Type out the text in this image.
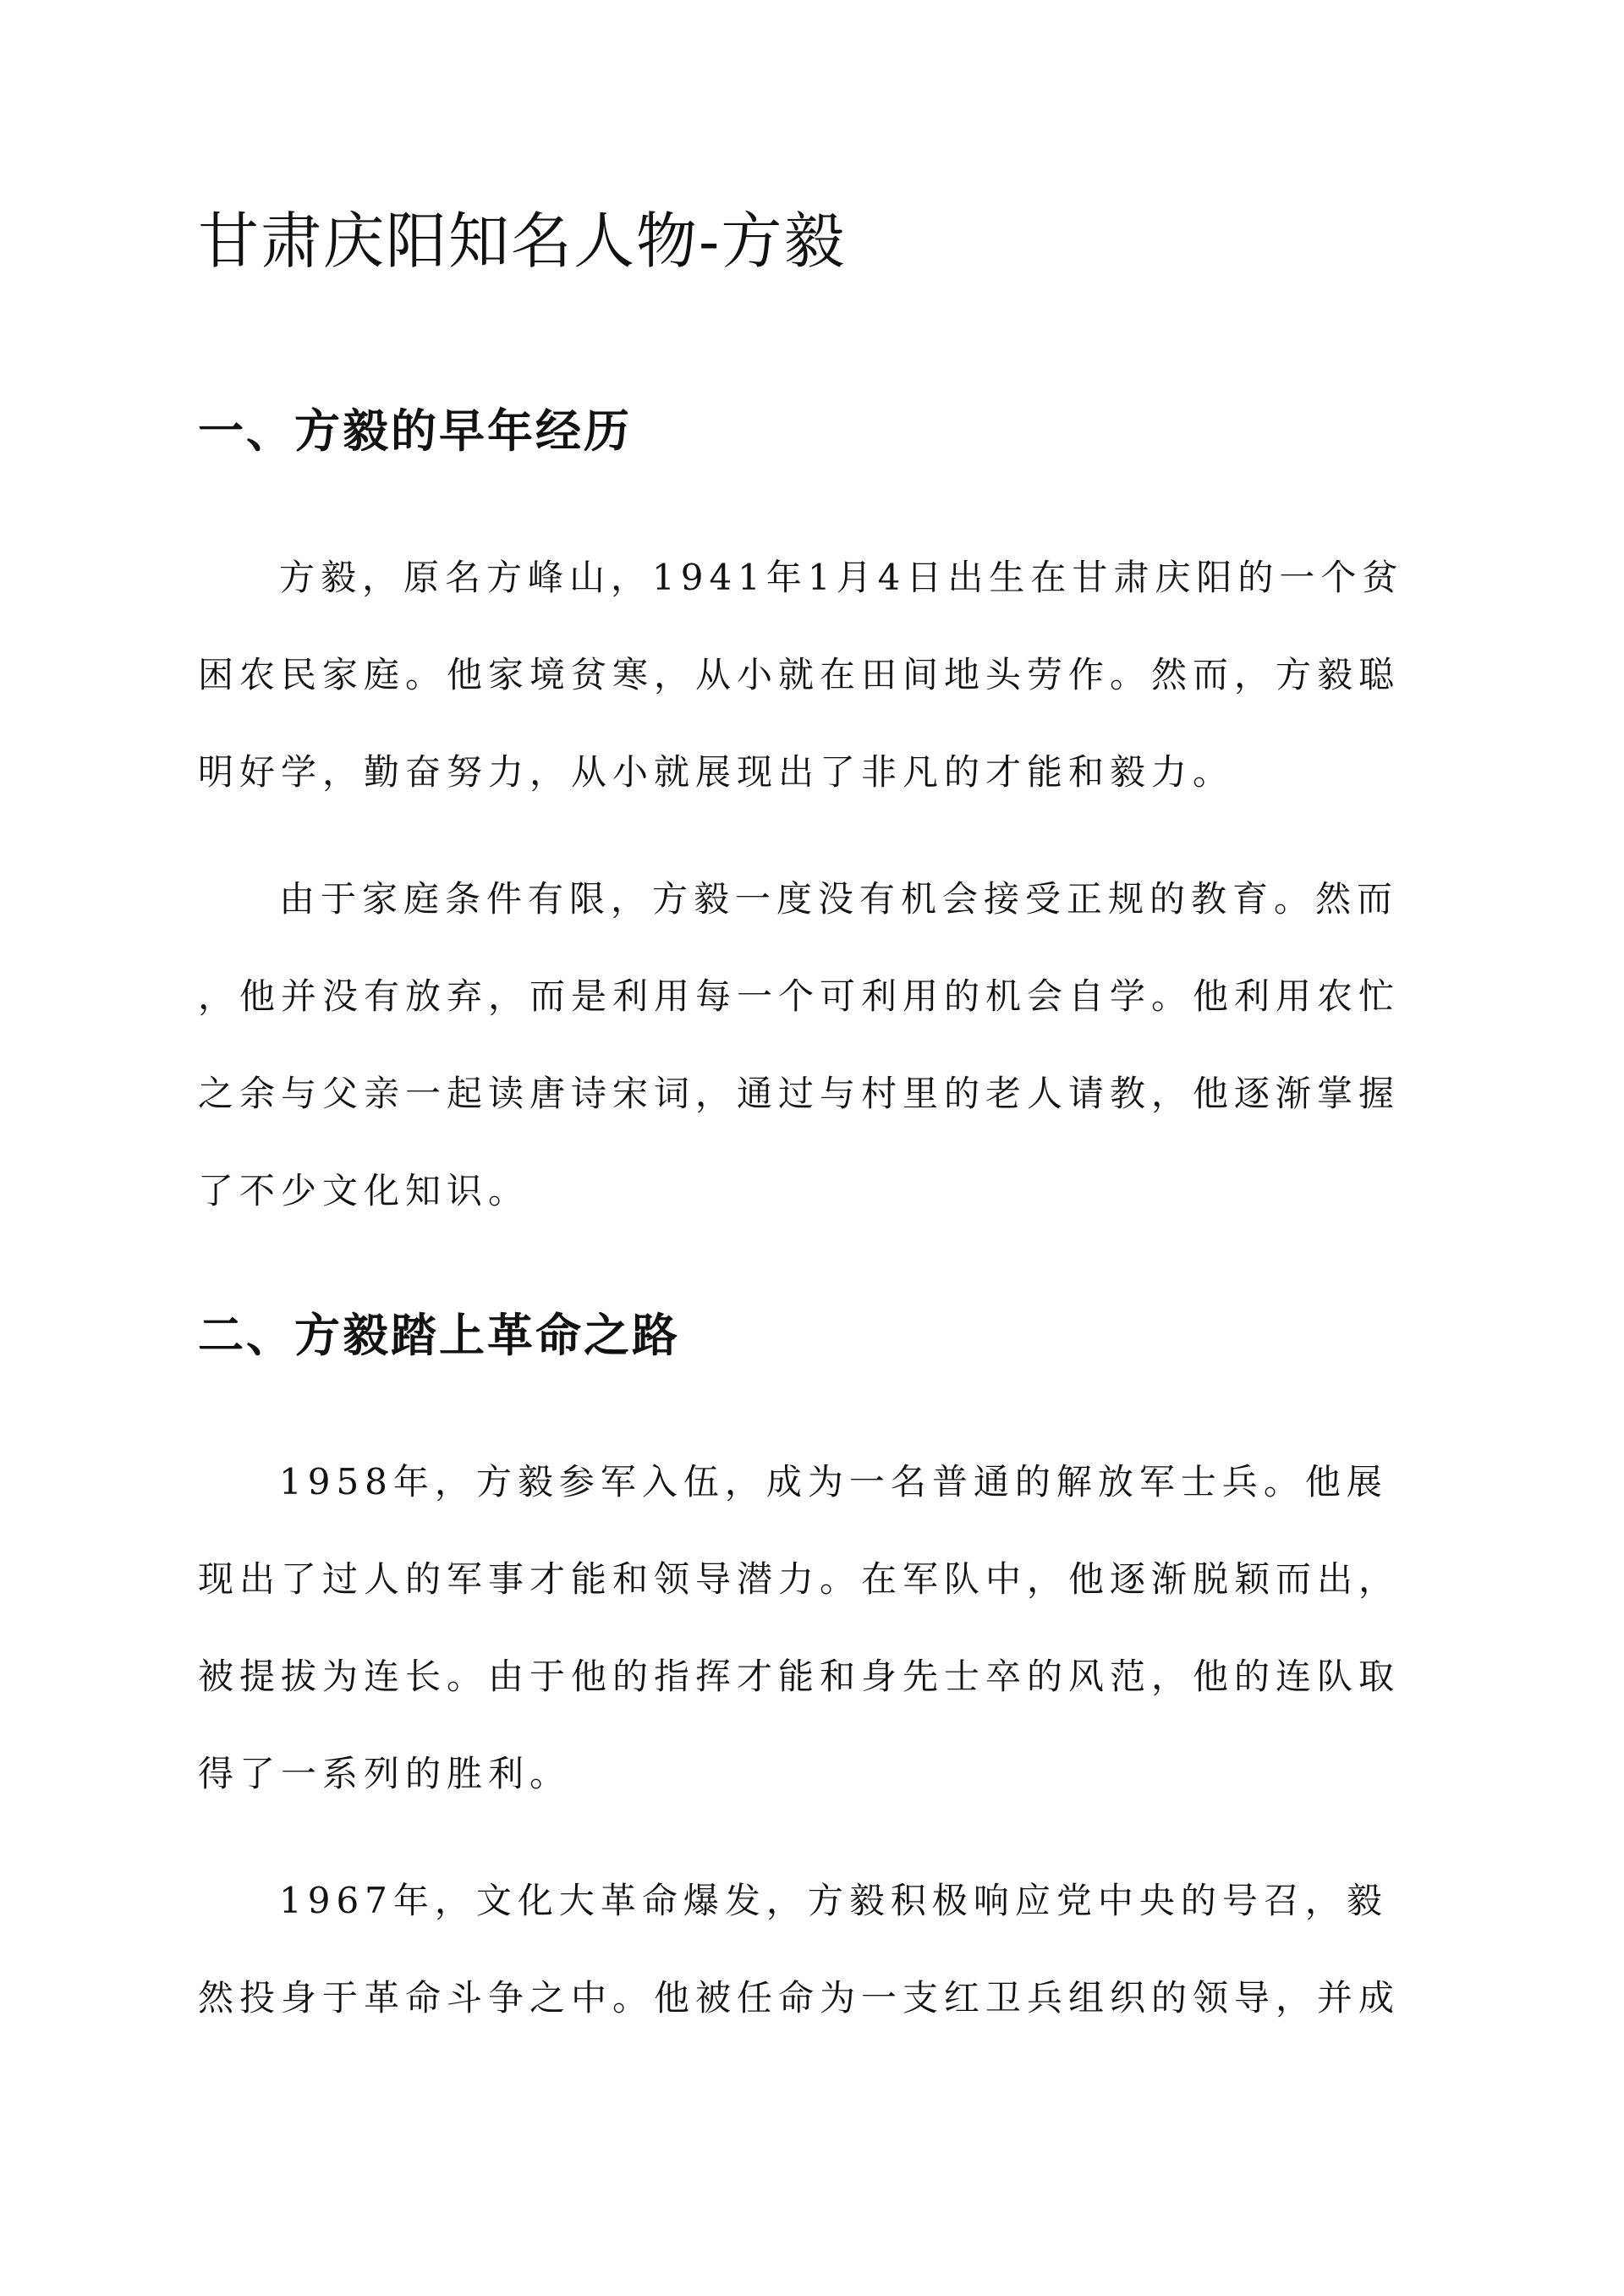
甘肃庆阳知名人物-方毅
一、方毅的早年经历
方毅，原名方峰山，1941年1月4日出生在甘肃庆阳的一个贫
困农民家庭。他家境贫寒，从小就在田间地头劳作。然而，方毅聪
明好学，勤奋努力，从小就展现出了非凡的才能和毅力。
由于家庭条件有限，方毅一度没有机会接受正规的教育。然而
，他并没有放弃，而是利用每一个可利用的机会自学。他利用农忙
之余与父亲一起读唐诗宋词，通过与村里的老人请教，他逐渐掌握
了不少文化知识。
二、方毅踏上革命之路
1958年，方毅参军入伍，成为一名普通的解放军士兵。他展
现出了过人的军事才能和领导潜力。在军队中，他逐渐脱颖而出，
被提拔为连长。由于他的指挥才能和身先士卒的风范，他的连队取
得了一系列的胜利。
1967年，文化大革命爆发，方毅积极响应党中央的号召，毅
然投身于革命斗争之中。他被任命为一支红卫兵组织的领导，并成
